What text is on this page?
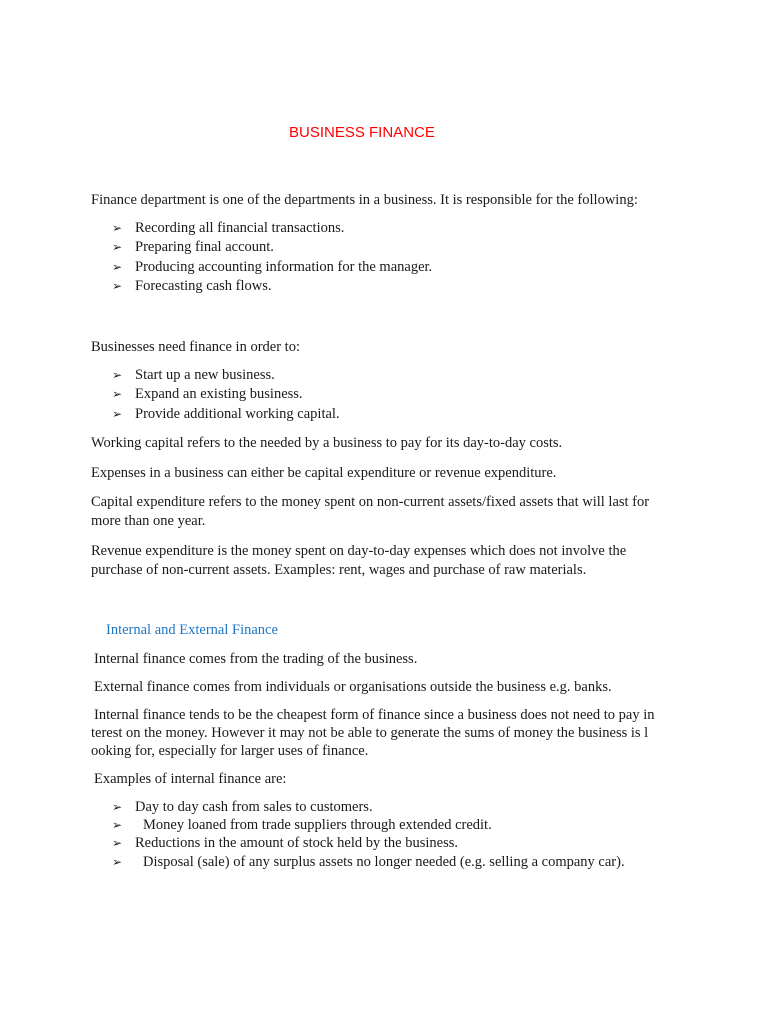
BUSINESS FINANCE

Finance department is one of the departments in a business. It is responsible for the following:

➢ Recording all financial transactions.
➢ Preparing final account.
➢ Producing accounting information for the manager.
➢ Forecasting cash flows.

Businesses need finance in order to:

➢ Start up a new business.
➢ Expand an existing business.
➢ Provide additional working capital.

Working capital refers to the needed by a business to pay for its day-to-day costs.

Expenses in a business can either be capital expenditure or revenue expenditure.

Capital expenditure refers to the money spent on non-current assets/fixed assets that will last for
more than one year.
Revenue expenditure is the money spent on day-to-day expenses which does not involve the
purchase of non-current assets. Examples: rent, wages and purchase of raw materials.
Internal and External Finance

Internal finance comes from the trading of the business.

External finance comes from individuals or organisations outside the business e.g. banks.

Internal finance tends to be the cheapest form of finance since a business does not need to pay in
terest on the money. However it may not be able to generate the sums of money the business is l
ooking for, especially for larger uses of finance.

Examples of internal finance are:

➢ Day to day cash from sales to customers.
➢ Money loaned from trade suppliers through extended credit.
➢ Reductions in the amount of stock held by the business.
➢ Disposal (sale) of any surplus assets no longer needed (e.g. selling a company car).
